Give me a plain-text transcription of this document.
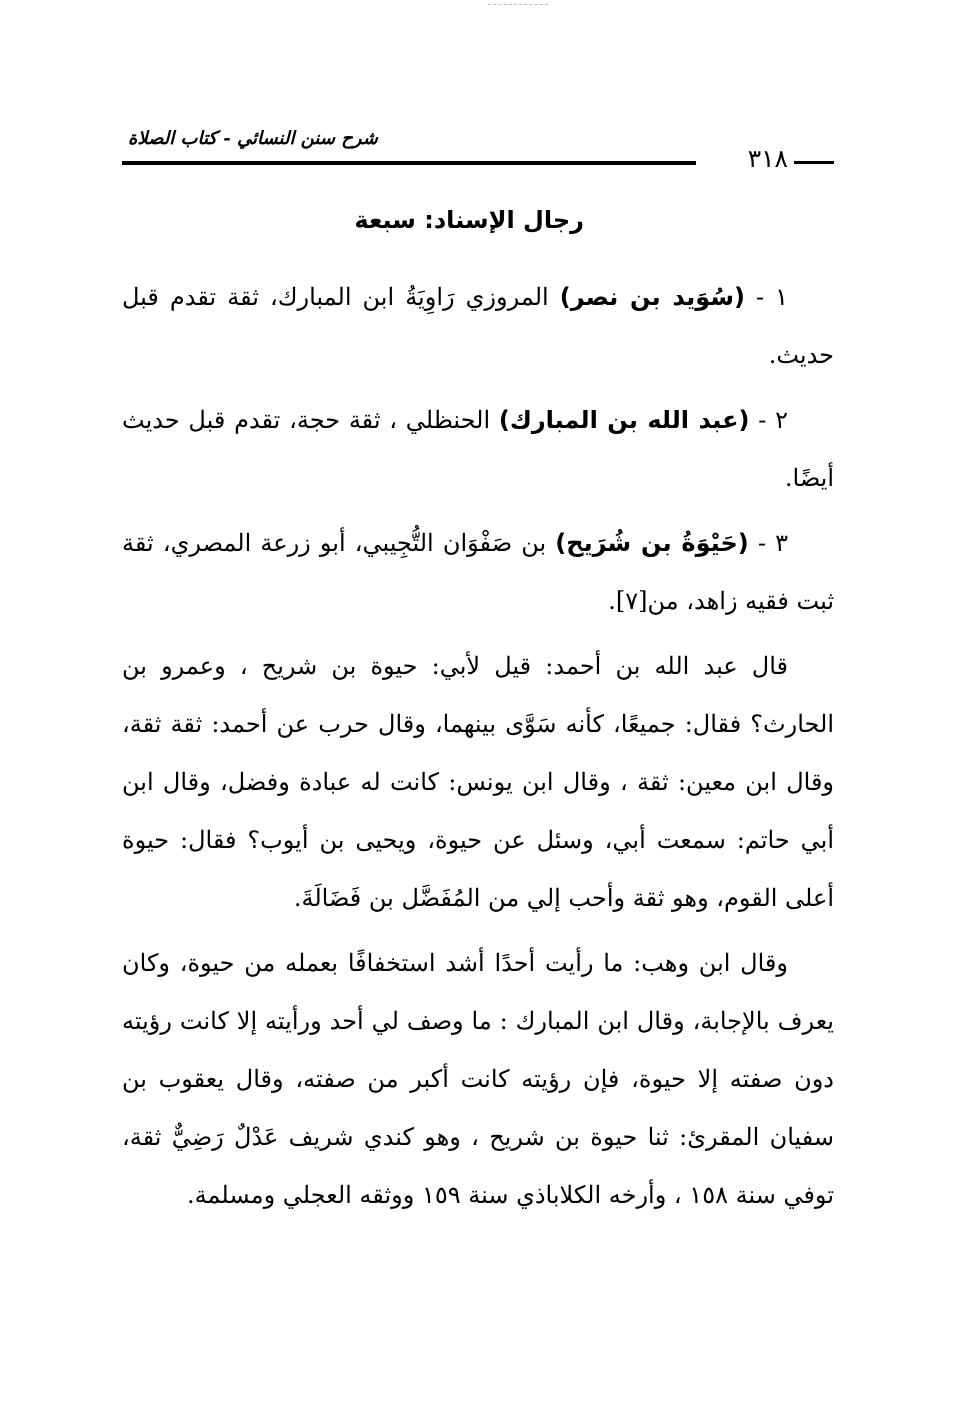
شرح سنن النسائي - كتاب الصلاة
٣١٨
رجال الإسناد: سبعة

١ - (سُوَيد بن نصر) المروزي رَاوِيَةُ ابن المبارك، ثقة تقدم قبل حديث.

٢ - (عبد الله بن المبارك) الحنظلي ، ثقة حجة، تقدم قبل حديث أيضًا.

٣ - (حَيْوَةُ بن شُرَيح) بن صَفْوَان التُّجِيبي، أبو زرعة المصري، ثقة ثبت فقيه زاهد، من[٧].

قال عبد الله بن أحمد: قيل لأبي: حيوة بن شريح ، وعمرو بن الحارث؟ فقال: جميعًا، كأنه سَوَّى بينهما، وقال حرب عن أحمد: ثقة ثقة، وقال ابن معين: ثقة ، وقال ابن يونس: كانت له عبادة وفضل، وقال ابن أبي حاتم: سمعت أبي، وسئل عن حيوة، ويحيى بن أيوب؟ فقال: حيوة أعلى القوم، وهو ثقة وأحب إلي من المُفَضَّل بن فَضَالَةَ.

وقال ابن وهب: ما رأيت أحدًا أشد استخفافًا بعمله من حيوة، وكان يعرف بالإجابة، وقال ابن المبارك : ما وصف لي أحد ورأيته إلا كانت رؤيته دون صفته إلا حيوة، فإن رؤيته كانت أكبر من صفته، وقال يعقوب بن سفيان المقرئ: ثنا حيوة بن شريح ، وهو كندي شريف عَدْلٌ رَضِيٌّ ثقة، توفي سنة ١٥٨ ، وأرخه الكلاباذي سنة ١٥٩ ووثقه العجلي ومسلمة.
